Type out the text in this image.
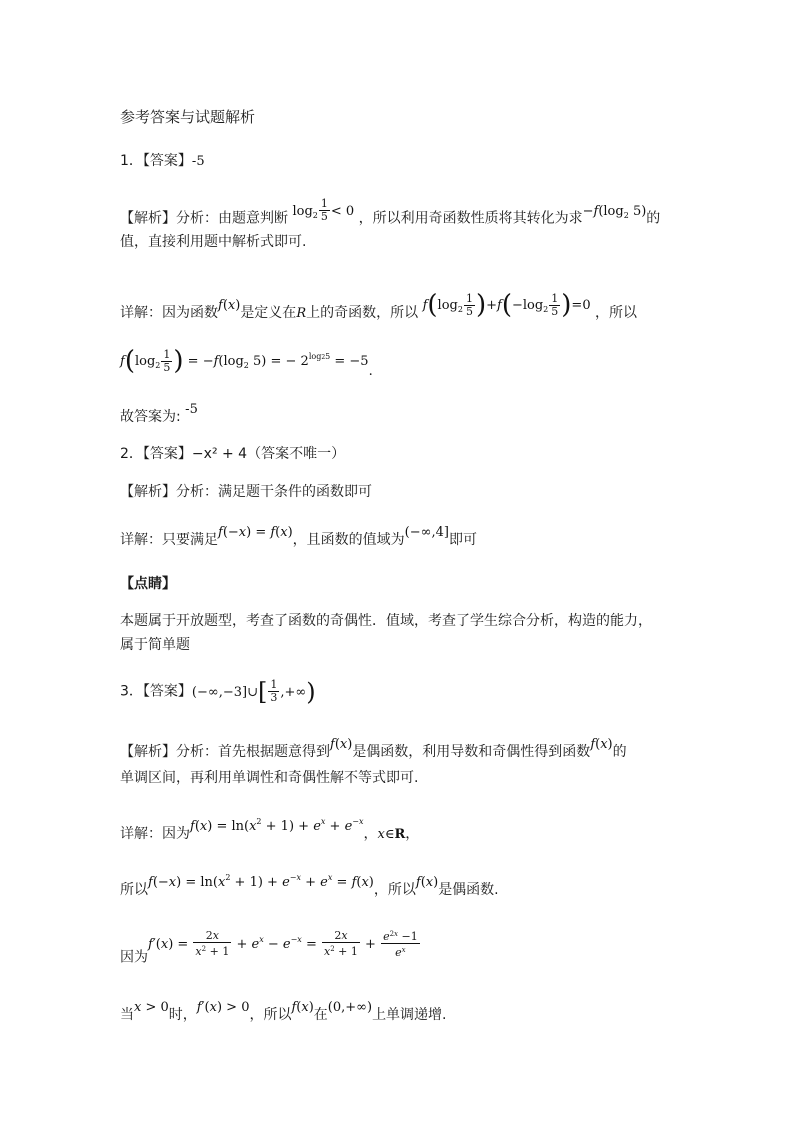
参考答案与试题解析
1．【答案】-5
【解析】分析：由题意判断 $\log_2 \frac{1}{5} < 0$ ，所以利用奇函数性质将其转化为求$-f(\log_2$ 5)的
值，直接利用题中解析式即可.
详解：因为函数f(x)是定义在R上的奇函数，所以 $f(\log_2 \frac{1}{5} )+f(-\log_2 \frac{1}{5} )=0$ ，所以
$f(\log_2 \frac{1}{5}$ ) = $-f(\log_2$ 5) = − $2^{log25} = -5$.
故答案为: -5
2．【答案】−x² + 4（答案不唯一）
【解析】分析：满足题干条件的函数即可
详解：只要满足f(−x) = f(x)，且函数的值域为(−∞,4]即可
【点睛】
本题属于开放题型，考查了函数的奇偶性．值域，考查了学生综合分析，构造的能力，
属于简单题
3．【答案】(−∞,−3]∪[ $\frac{1}{3}$ ,+∞)
【解析】分析：首先根据题意得到f(x)是偶函数，利用导数和奇偶性得到函数f(x)的
单调区间，再利用单调性和奇偶性解不等式即可.
详解：因为$f(x) = \ln(x^2 + 1) + e^x + e^{-x}$，x∈R，
所以$f(-x) = \ln(x^2 + 1) + e^{-x} + e^x = f(x)$，所以f(x)是偶函数.
因为$f'(x) = \frac{2x}{x^2 + 1} + e^x - e^{-x} = \frac{2x}{x^2 + 1} + \frac{e^{2x} -1}{e^x}$
当x > 0时，f′(x) > 0，所以f(x)在(0,+∞)上单调递增.
